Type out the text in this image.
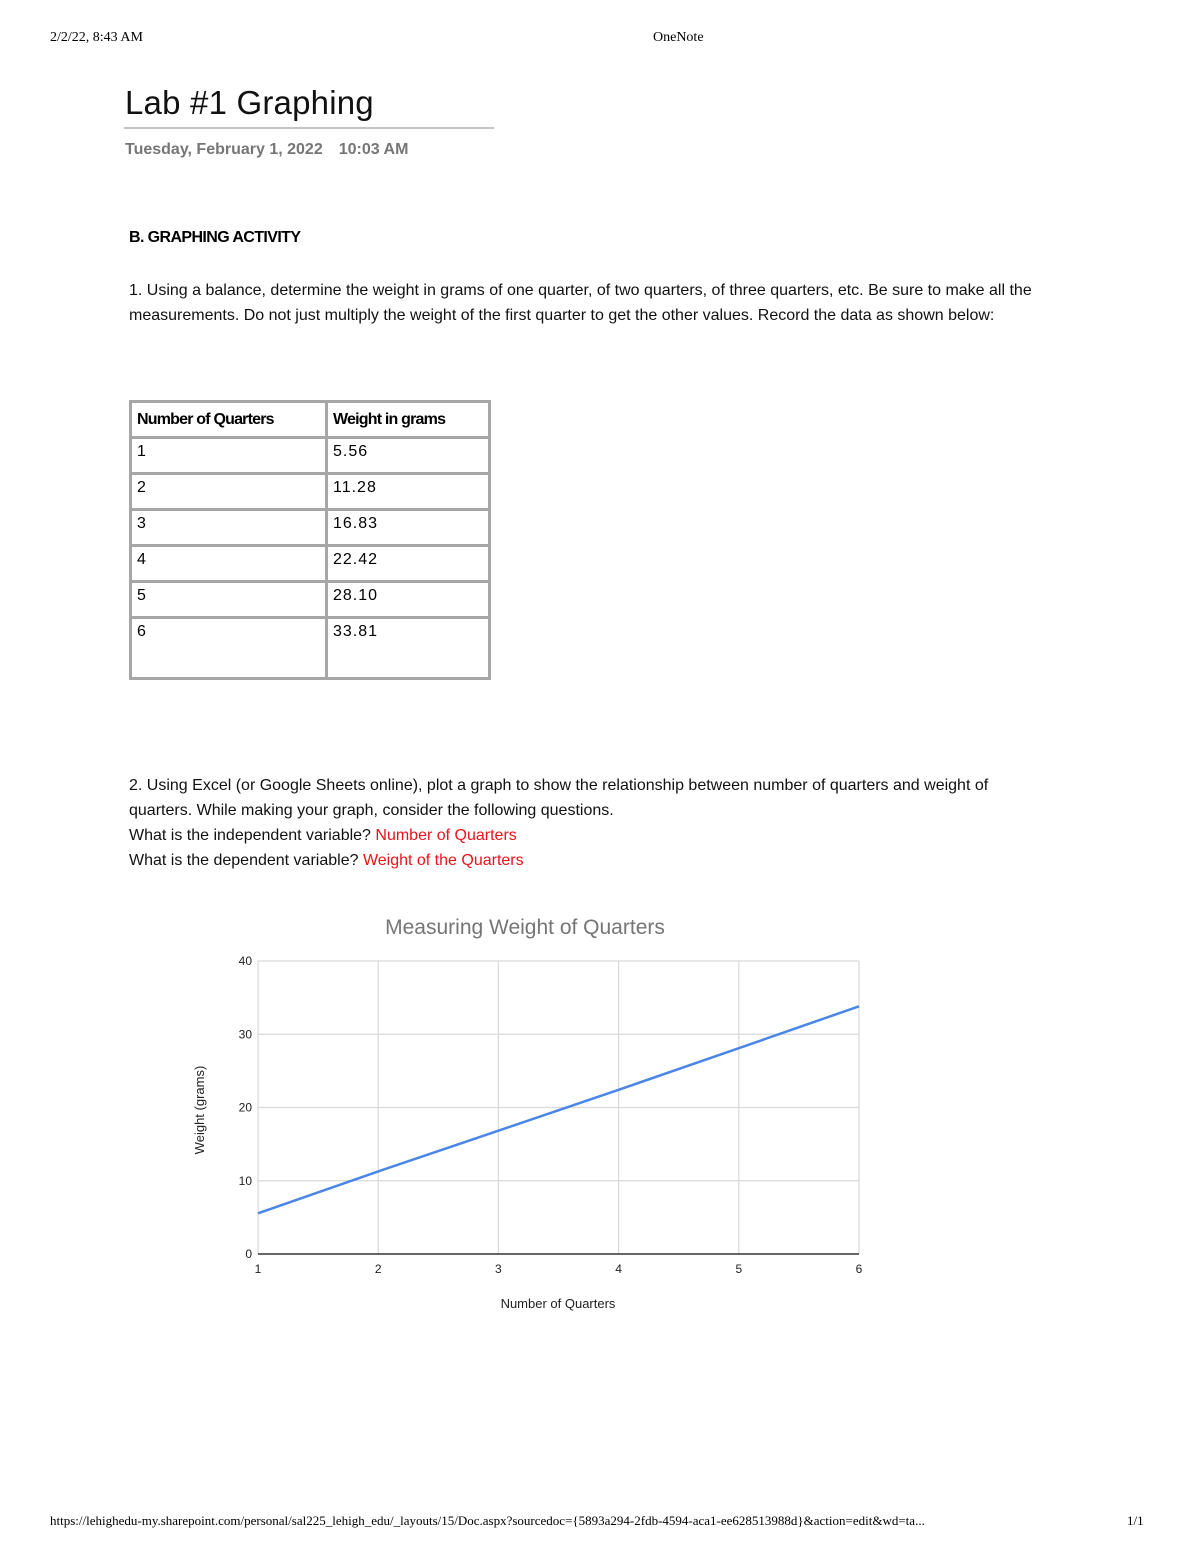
2/2/22, 8:43 AM	OneNote
Lab #1 Graphing
Tuesday, February 1, 2022 10:03 AM
B. GRAPHING ACTIVITY
1. Using a balance, determine the weight in grams of one quarter, of two quarters, of three quarters, etc. Be sure to make all the measurements. Do not just multiply the weight of the first quarter to get the other values. Record the data as shown below:
Number of Quarters	Weight in grams
1	5.56
2	11.28
3	16.83
4	22.42
5	28.10
6	33.81
2. Using Excel (or Google Sheets online), plot a graph to show the relationship between number of quarters and weight of quarters. While making your graph, consider the following questions.
What is the independent variable? Number of Quarters
What is the dependent variable? Weight of the Quarters
Measuring Weight of Quarters
0
10
20
30
40
1	2	3	4	5	6
Number of Quarters
Weight (grams)
https://lehighedu-my.sharepoint.com/personal/sal225_lehigh_edu/_layouts/15/Doc.aspx?sourcedoc={5893a294-2fdb-4594-aca1-ee628513988d}&action=edit&wd=ta...	1/1
